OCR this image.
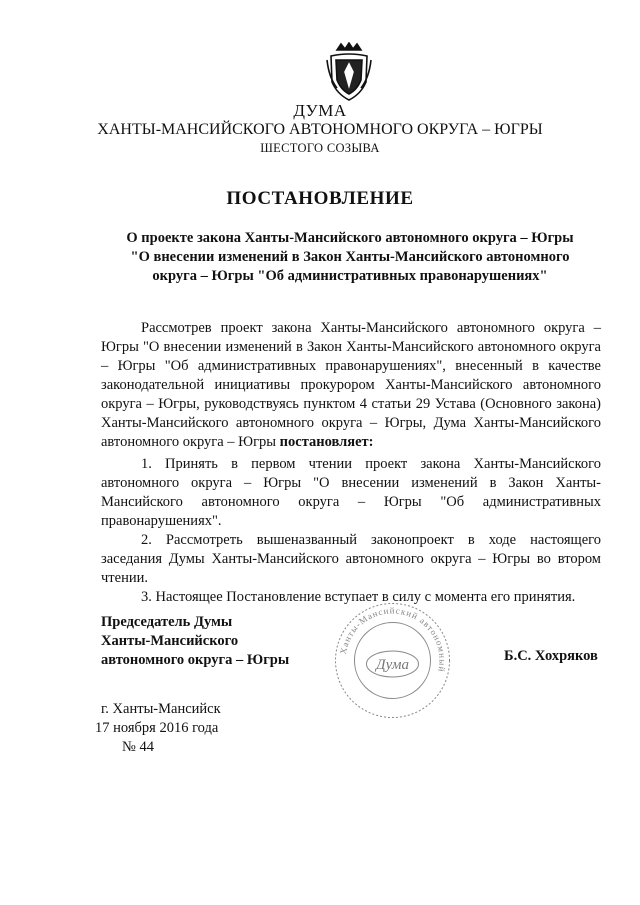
ДУМА
ХАНТЫ-МАНСИЙСКОГО АВТОНОМНОГО ОКРУГА – ЮГРЫ
ШЕСТОГО СОЗЫВА
ПОСТАНОВЛЕНИЕ
О проекте закона Ханты-Мансийского автономного округа – Югры
"О внесении изменений в Закон Ханты-Мансийского автономного
округа – Югры "Об административных правонарушениях"

Рассмотрев проект закона Ханты-Мансийского автономного округа – Югры "О внесении изменений в Закон Ханты-Мансийского автономного округа – Югры "Об административных правонарушениях", внесенный в качестве законодательной инициативы прокурором Ханты-Мансийского автономного округа – Югры, руководствуясь пунктом 4 статьи 29 Устава (Основного закона) Ханты-Мансийского автономного округа – Югры, Дума Ханты-Мансийского автономного округа – Югры постановляет:

1. Принять в первом чтении проект закона Ханты-Мансийского автономного округа – Югры "О внесении изменений в Закон Ханты-Мансийского автономного округа – Югры "Об административных правонарушениях".

2. Рассмотреть вышеназванный законопроект в ходе настоящего заседания Думы Ханты-Мансийского автономного округа – Югры во втором чтении.

3. Настоящее Постановление вступает в силу с момента его принятия.

Председатель Думы
Ханты-Мансийского
автономного округа – Югры
Ханты-Мансийский автономный
Дума
Б.С. Хохряков
г. Ханты-Мансийск
17 ноября 2016 года
№ 44
